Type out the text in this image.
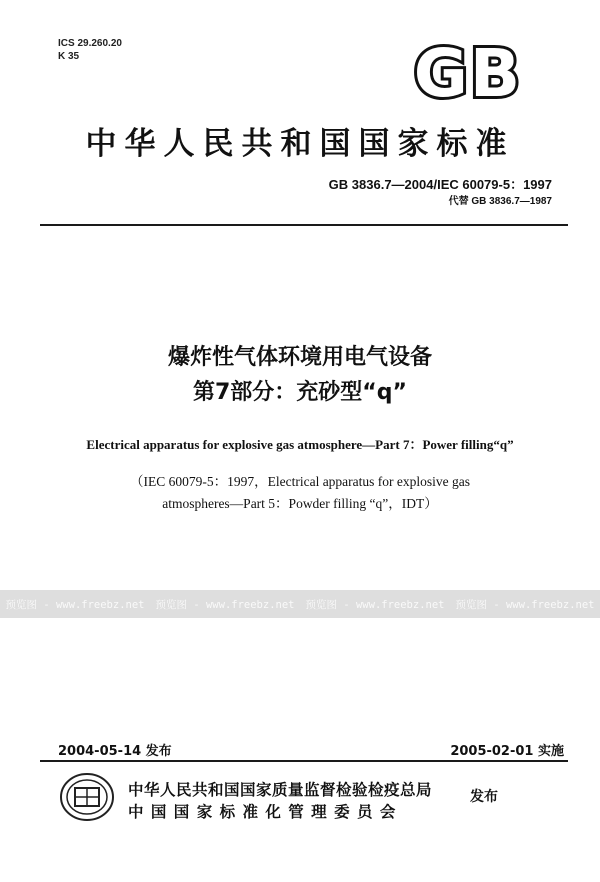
ICS 29.260.20
K 35	GB
中华人民共和国国家标准
GB 3836.7—2004/IEC 60079-5：1997
代替 GB 3836.7—1987
爆炸性气体环境用电气设备
第7部分：充砂型“q”
Electrical apparatus for explosive gas atmosphere—Part 7：Power filling“q”
（IEC 60079-5：1997，Electrical apparatus for explosive gas
atmospheres—Part 5：Powder filling “q”，IDT）
预览图 - www.freebz.net 预览图 - www.freebz.net 预览图 - www.freebz.net 预览图 - www.freebz.net
2004-05-14 发布	2005-02-01 实施
中华人民共和国国家质量监督检验检疫总局
中 国 国 家 标 准 化 管 理 委 员 会
发布
